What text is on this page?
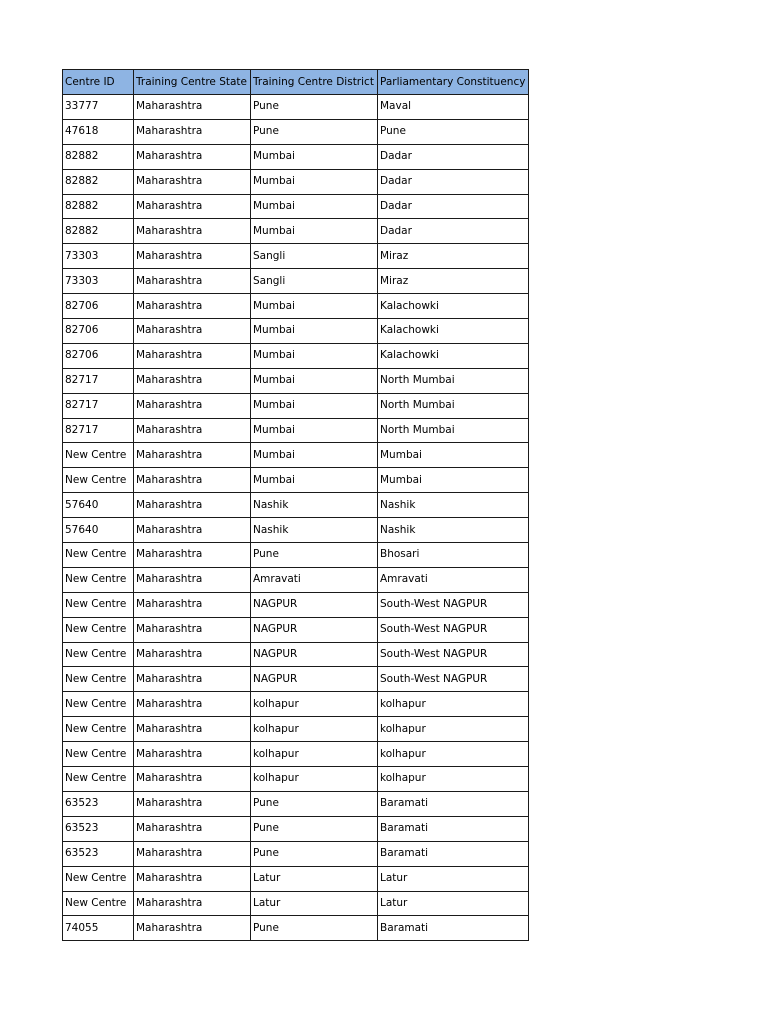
Centre ID	Training Centre State	Training Centre District	Parliamentary Constituency
33777	Maharashtra	Pune	Maval
47618	Maharashtra	Pune	Pune
82882	Maharashtra	Mumbai	Dadar
82882	Maharashtra	Mumbai	Dadar
82882	Maharashtra	Mumbai	Dadar
82882	Maharashtra	Mumbai	Dadar
73303	Maharashtra	Sangli	Miraz
73303	Maharashtra	Sangli	Miraz
82706	Maharashtra	Mumbai	Kalachowki
82706	Maharashtra	Mumbai	Kalachowki
82706	Maharashtra	Mumbai	Kalachowki
82717	Maharashtra	Mumbai	North Mumbai
82717	Maharashtra	Mumbai	North Mumbai
82717	Maharashtra	Mumbai	North Mumbai
New Centre	Maharashtra	Mumbai	Mumbai
New Centre	Maharashtra	Mumbai	Mumbai
57640	Maharashtra	Nashik	Nashik
57640	Maharashtra	Nashik	Nashik
New Centre	Maharashtra	Pune	Bhosari
New Centre	Maharashtra	Amravati	Amravati
New Centre	Maharashtra	NAGPUR	South-West NAGPUR
New Centre	Maharashtra	NAGPUR	South-West NAGPUR
New Centre	Maharashtra	NAGPUR	South-West NAGPUR
New Centre	Maharashtra	NAGPUR	South-West NAGPUR
New Centre	Maharashtra	kolhapur	kolhapur
New Centre	Maharashtra	kolhapur	kolhapur
New Centre	Maharashtra	kolhapur	kolhapur
New Centre	Maharashtra	kolhapur	kolhapur
63523	Maharashtra	Pune	Baramati
63523	Maharashtra	Pune	Baramati
63523	Maharashtra	Pune	Baramati
New Centre	Maharashtra	Latur	Latur
New Centre	Maharashtra	Latur	Latur
74055	Maharashtra	Pune	Baramati
